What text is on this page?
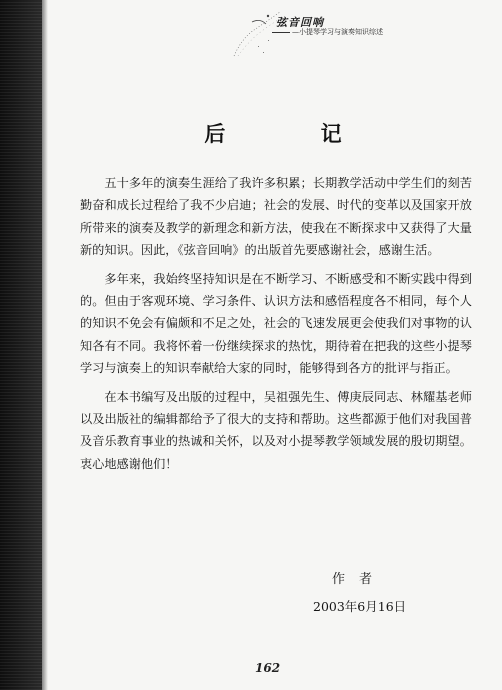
弦音回响
—小提琴学习与演奏知识综述
后 记

五十多年的演奏生涯给了我许多积累；长期教学活动中学生们的刻苦勤奋和成长过程给了我不少启迪；社会的发展、时代的变革以及国家开放所带来的演奏及教学的新理念和新方法，使我在不断探求中又获得了大量新的知识。因此，《弦音回响》的出版首先要感谢社会，感谢生活。

多年来，我始终坚持知识是在不断学习、不断感受和不断实践中得到的。但由于客观环境、学习条件、认识方法和感悟程度各不相同，每个人的知识不免会有偏颇和不足之处，社会的飞速发展更会使我们对事物的认知各有不同。我将怀着一份继续探求的热忱，期待着在把我的这些小提琴学习与演奏上的知识奉献给大家的同时，能够得到各方的批评与指正。

在本书编写及出版的过程中，吴祖强先生、傅庚辰同志、林耀基老师以及出版社的编辑都给予了很大的支持和帮助。这些都源于他们对我国普及音乐教育事业的热诚和关怀，以及对小提琴教学领域发展的殷切期望。衷心地感谢他们！

作者
2003年6月16日
162
